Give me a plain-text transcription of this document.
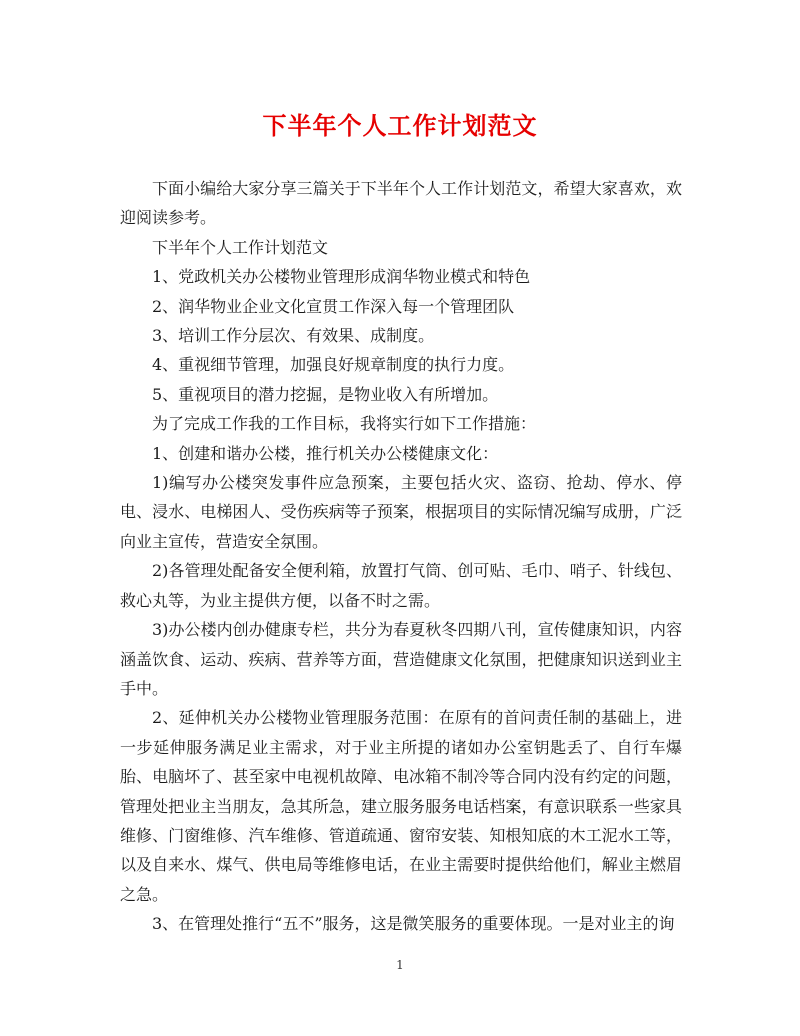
下半年个人工作计划范文

下面小编给大家分享三篇关于下半年个人工作计划范文，希望大家喜欢，欢迎阅读参考。

下半年个人工作计划范文

1、党政机关办公楼物业管理形成润华物业模式和特色

2、润华物业企业文化宣贯工作深入每一个管理团队

3、培训工作分层次、有效果、成制度。

4、重视细节管理，加强良好规章制度的执行力度。

5、重视项目的潜力挖掘，是物业收入有所增加。

为了完成工作我的工作目标，我将实行如下工作措施：

1、创建和谐办公楼，推行机关办公楼健康文化：

1)编写办公楼突发事件应急预案，主要包括火灾、盗窃、抢劫、停水、停电、浸水、电梯困人、受伤疾病等子预案，根据项目的实际情况编写成册，广泛向业主宣传，营造安全氛围。

2)各管理处配备安全便利箱，放置打气筒、创可贴、毛巾、哨子、针线包、救心丸等，为业主提供方便，以备不时之需。

3)办公楼内创办健康专栏，共分为春夏秋冬四期八刊，宣传健康知识，内容涵盖饮食、运动、疾病、营养等方面，营造健康文化氛围，把健康知识送到业主手中。

2、延伸机关办公楼物业管理服务范围：在原有的首问责任制的基础上，进一步延伸服务满足业主需求，对于业主所提的诸如办公室钥匙丢了、自行车爆胎、电脑坏了、甚至家中电视机故障、电冰箱不制冷等合同内没有约定的问题，管理处把业主当朋友，急其所急，建立服务服务电话档案，有意识联系一些家具维修、门窗维修、汽车维修、管道疏通、窗帘安装、知根知底的木工泥水工等，以及自来水、煤气、供电局等维修电话，在业主需要时提供给他们，解业主燃眉之急。

3、在管理处推行“五不”服务，这是微笑服务的重要体现。一是对业主的询

1
